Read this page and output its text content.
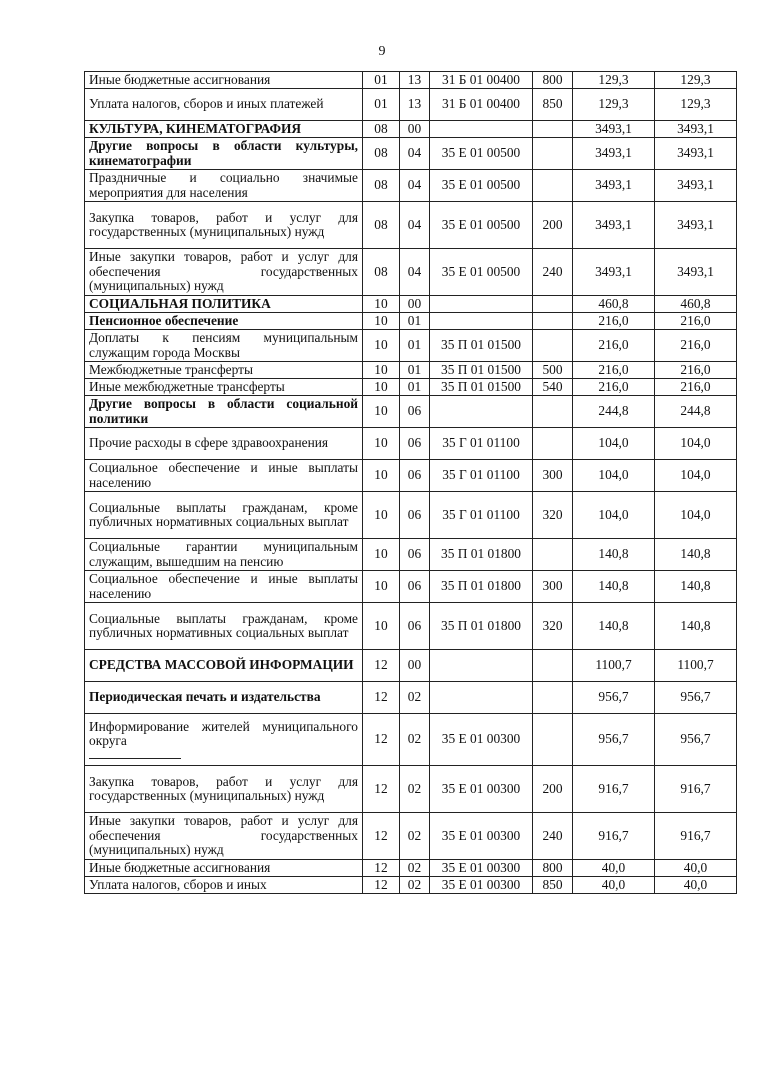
9
Иные бюджетные ассигнования	01	13	31 Б 01 00400	800	129,3	129,3
Уплата налогов, сборов и иных платежей	01	13	31 Б 01 00400	850	129,3	129,3
КУЛЬТУРА, КИНЕМАТОГРАФИЯ	08	00			3493,1	3493,1
Другие вопросы в области культуры, кинематографии	08	04	35 Е 01 00500		3493,1	3493,1
Праздничные и социально значимые мероприятия для населения	08	04	35 Е 01 00500		3493,1	3493,1
Закупка товаров, работ и услуг для государственных (муниципальных) нужд	08	04	35 Е 01 00500	200	3493,1	3493,1
Иные закупки товаров, работ и услуг для обеспечения государственных (муниципальных) нужд	08	04	35 Е 01 00500	240	3493,1	3493,1
СОЦИАЛЬНАЯ ПОЛИТИКА	10	00			460,8	460,8
Пенсионное обеспечение	10	01			216,0	216,0
Доплаты к пенсиям муниципальным служащим города Москвы	10	01	35 П 01 01500		216,0	216,0
Межбюджетные трансферты	10	01	35 П 01 01500	500	216,0	216,0
Иные межбюджетные трансферты	10	01	35 П 01 01500	540	216,0	216,0
Другие вопросы в области социальной политики	10	06			244,8	244,8
Прочие расходы в сфере здравоохранения	10	06	35 Г 01 01100		104,0	104,0
Социальное обеспечение и иные выплаты населению	10	06	35 Г 01 01100	300	104,0	104,0
Социальные выплаты гражданам, кроме публичных нормативных социальных выплат	10	06	35 Г 01 01100	320	104,0	104,0
Социальные гарантии муниципальным служащим, вышедшим на пенсию	10	06	35 П 01 01800		140,8	140,8
Социальное обеспечение и иные выплаты населению	10	06	35 П 01 01800	300	140,8	140,8
Социальные выплаты гражданам, кроме публичных нормативных социальных выплат	10	06	35 П 01 01800	320	140,8	140,8
СРЕДСТВА МАССОВОЙ ИНФОРМАЦИИ	12	00			1100,7	1100,7
Периодическая печать и издательства	12	02			956,7	956,7
Информирование жителей муниципального округа	12	02	35 Е 01 00300		956,7	956,7
Закупка товаров, работ и услуг для государственных (муниципальных) нужд	12	02	35 Е 01 00300	200	916,7	916,7
Иные закупки товаров, работ и услуг для обеспечения государственных (муниципальных) нужд	12	02	35 Е 01 00300	240	916,7	916,7
Иные бюджетные ассигнования	12	02	35 Е 01 00300	800	40,0	40,0
Уплата налогов, сборов и иных	12	02	35 Е 01 00300	850	40,0	40,0
